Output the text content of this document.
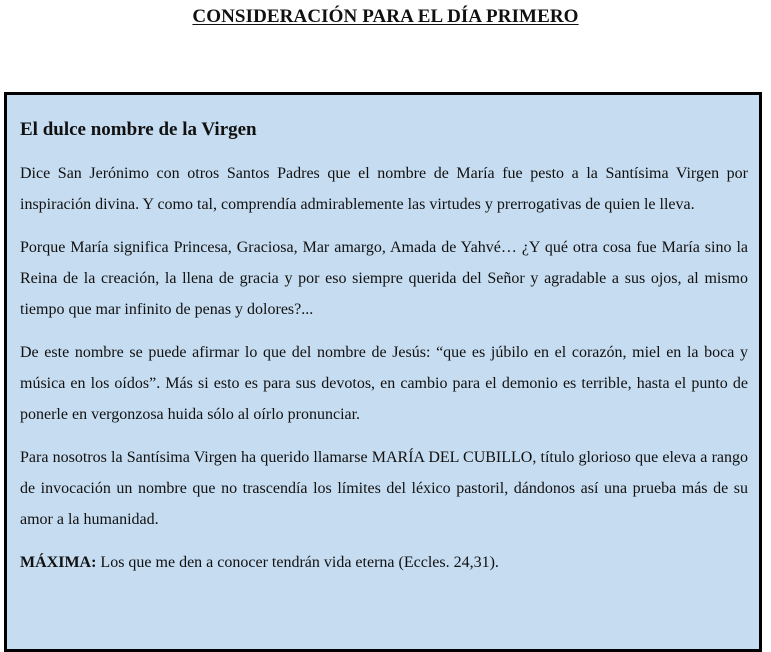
CONSIDERACIÓN PARA EL DÍA PRIMERO
El dulce nombre de la Virgen

Dice San Jerónimo con otros Santos Padres que el nombre de María fue pesto a la Santísima Virgen por inspiración divina. Y como tal, comprendía admirablemente las virtudes y prerrogativas de quien le lleva.

Porque María significa Princesa, Graciosa, Mar amargo, Amada de Yahvé… ¿Y qué otra cosa fue María sino la Reina de la creación, la llena de gracia y por eso siempre querida del Señor y agradable a sus ojos, al mismo tiempo que mar infinito de penas y dolores?...

De este nombre se puede afirmar lo que del nombre de Jesús: “que es júbilo en el corazón, miel en la boca y música en los oídos”. Más si esto es para sus devotos, en cambio para el demonio es terrible, hasta el punto de ponerle en vergonzosa huida sólo al oírlo pronunciar.

Para nosotros la Santísima Virgen ha querido llamarse MARÍA DEL CUBILLO, título glorioso que eleva a rango de invocación un nombre que no trascendía los límites del léxico pastoril, dándonos así una prueba más de su amor a la humanidad.

MÁXIMA: Los que me den a conocer tendrán vida eterna (Eccles. 24,31).
